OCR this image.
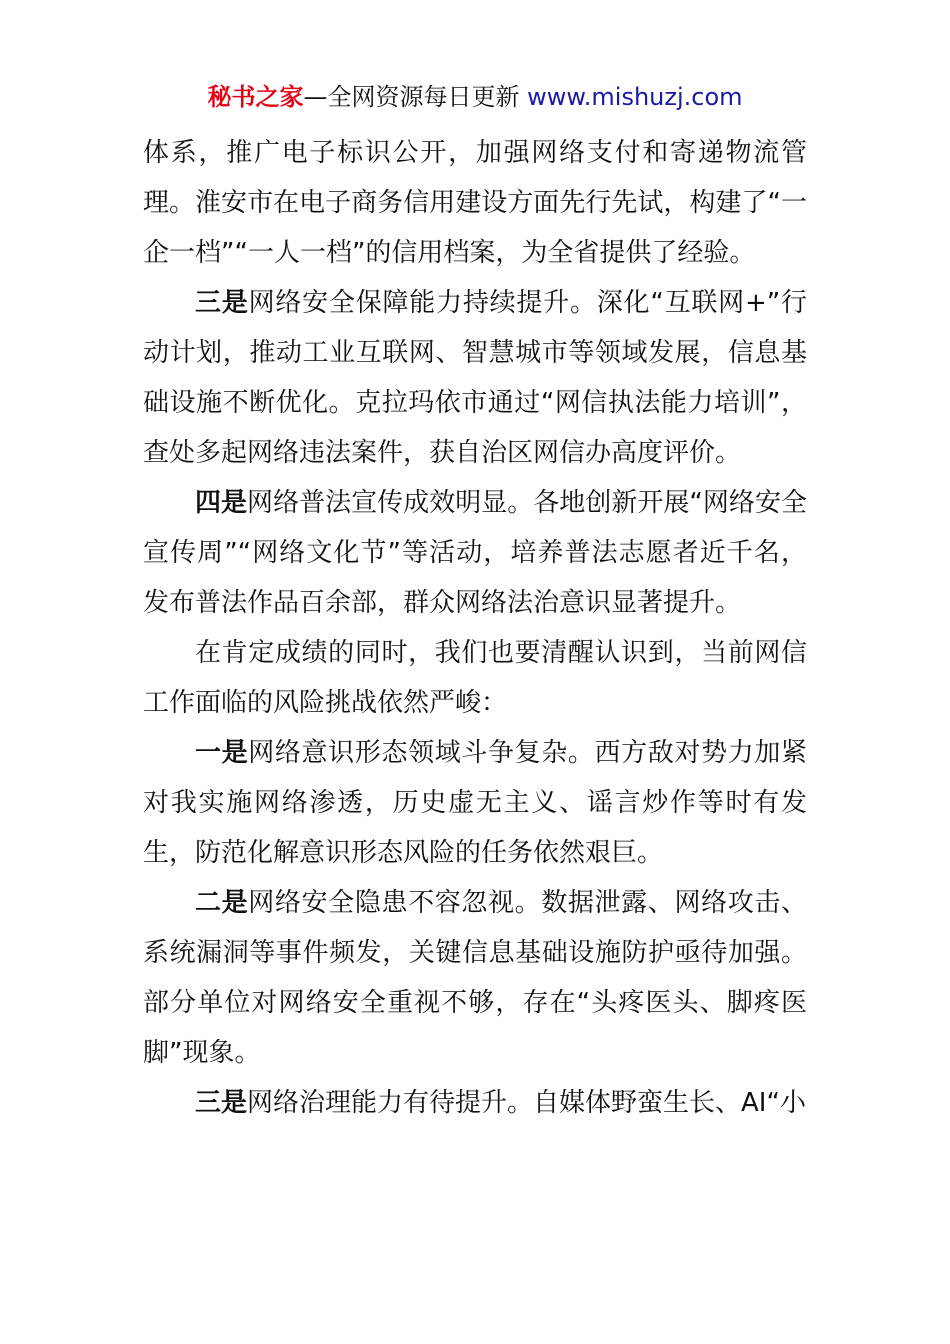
秘书之家—全网资源每日更新 www.mishuzj.com

体系，推广电子标识公开，加强网络支付和寄递物流管理。淮安市在电子商务信用建设方面先行先试，构建了“一企一档”“一人一档”的信用档案，为全省提供了经验。

三是网络安全保障能力持续提升。深化“互联网+”行动计划，推动工业互联网、智慧城市等领域发展，信息基础设施不断优化。克拉玛依市通过“网信执法能力培训”，查处多起网络违法案件，获自治区网信办高度评价。

四是网络普法宣传成效明显。各地创新开展“网络安全宣传周”“网络文化节”等活动，培养普法志愿者近千名，发布普法作品百余部，群众网络法治意识显著提升。

在肯定成绩的同时，我们也要清醒认识到，当前网信工作面临的风险挑战依然严峻：

一是网络意识形态领域斗争复杂。西方敌对势力加紧对我实施网络渗透，历史虚无主义、谣言炒作等时有发生，防范化解意识形态风险的任务依然艰巨。

二是网络安全隐患不容忽视。数据泄露、网络攻击、系统漏洞等事件频发，关键信息基础设施防护亟待加强。部分单位对网络安全重视不够，存在“头疼医头、脚疼医脚”现象。

三是网络治理能力有待提升。自媒体野蛮生长、AI“小
